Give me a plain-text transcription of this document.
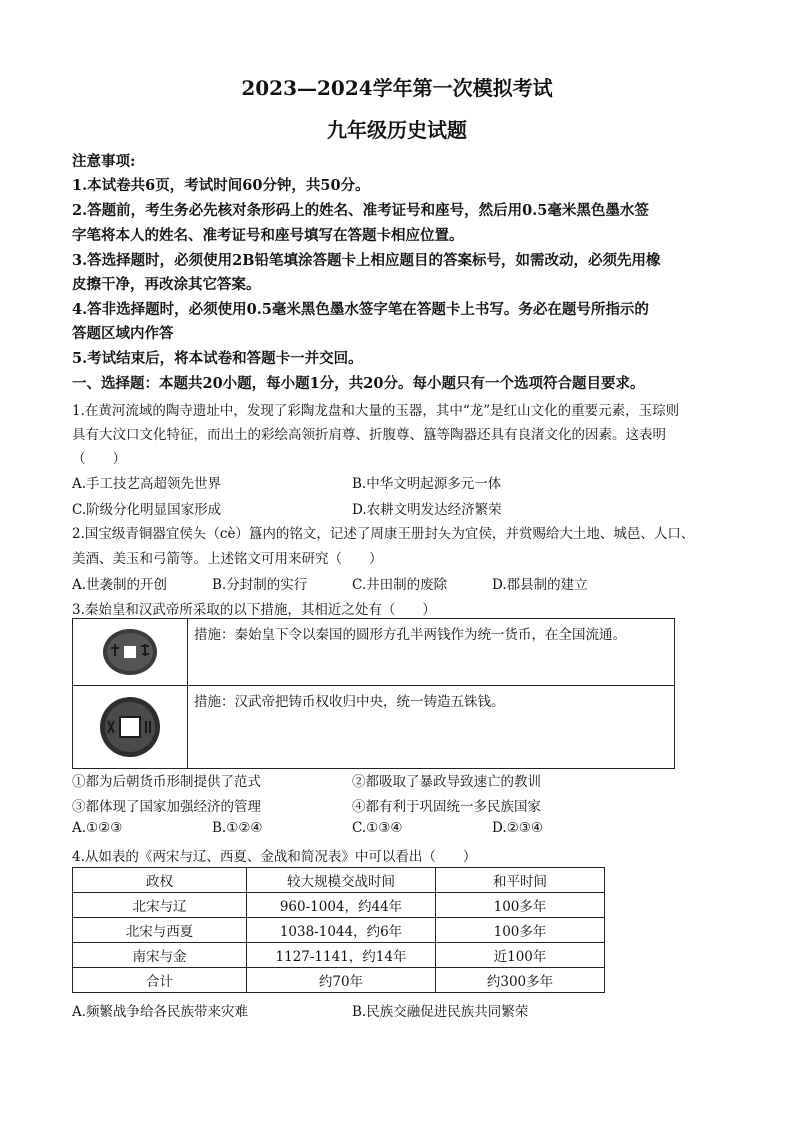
2023—2024学年第一次模拟考试
九年级历史试题
注意事项:
1.本试卷共6页，考试时间60分钟，共50分。
2.答题前，考生务必先核对条形码上的姓名、准考证号和座号，然后用0.5毫米黑色墨水签
字笔将本人的姓名、准考证号和座号填写在答题卡相应位置。
3.答选择题时，必须使用2B铅笔填涂答题卡上相应题目的答案标号，如需改动，必须先用橡
皮擦干净，再改涂其它答案。
4.答非选择题时，必须使用0.5毫米黑色墨水签字笔在答题卡上书写。务必在题号所指示的
答题区域内作答
5.考试结束后，将本试卷和答题卡一并交回。
一、选择题：本题共20小题，每小题1分，共20分。每小题只有一个选项符合题目要求。
1.在黄河流域的陶寺遗址中，发现了彩陶龙盘和大量的玉器，其中“龙”是红山文化的重要元素，玉琮则
具有大汶口文化特征，而出土的彩绘高领折肩尊、折腹尊、簋等陶器还具有良渚文化的因素。这表明
（　　）
A.手工技艺高超领先世界	B.中华文明起源多元一体
C.阶级分化明显国家形成	D.农耕文明发达经济繁荣
2.国宝级青铜器宜侯夨（cè）簋内的铭文，记述了周康王册封夨为宜侯，并赏赐给大土地、城邑、人口、
美酒、美玉和弓箭等。上述铭文可用来研究（　　）
A.世袭制的开创	B.分封制的实行	C.井田制的废除	D.郡县制的建立
3.秦始皇和汉武帝所采取的以下措施，其相近之处有（　　）
	措施：秦始皇下令以秦国的圆形方孔半两钱作为统一货币，在全国流通。

	措施：汉武帝把铸币权收归中央，统一铸造五铢钱。
①都为后朝货币形制提供了范式	②都吸取了暴政导致速亡的教训
③都体现了国家加强经济的管理	④都有利于巩固统一多民族国家
A.①②③	B.①②④	C.①③④	D.②③④
4.从如表的《两宋与辽、西夏、金战和简况表》中可以看出（　　）
政权	较大规模交战时间	和平时间
北宋与辽	960-1004，约44年	100多年
北宋与西夏	1038-1044，约6年	100多年
南宋与金	1127-1141，约14年	近100年
合计	约70年	约300多年
A.频繁战争给各民族带来灾难	B.民族交融促进民族共同繁荣
